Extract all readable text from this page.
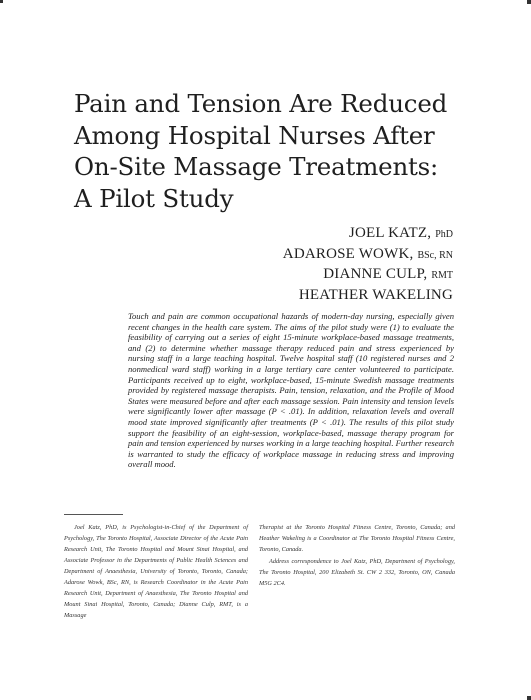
Pain and Tension Are Reduced
Among Hospital Nurses After
On-Site Massage Treatments:
A Pilot Study
JOEL KATZ, PhD
ADAROSE WOWK, BSc, RN
DIANNE CULP, RMT
HEATHER WAKELING

Touch and pain are common occupational hazards of modern-day nursing, especially given recent changes in the health care system. The aims of the pilot study were (1) to evaluate the feasibility of carrying out a series of eight 15-minute workplace-based massage treatments, and (2) to determine whether massage therapy reduced pain and stress experienced by nursing staff in a large teaching hospital. Twelve hospital staff (10 registered nurses and 2 nonmedical ward staff) working in a large tertiary care center volunteered to participate. Participants received up to eight, workplace-based, 15-minute Swedish massage treatments provided by registered massage therapists. Pain, tension, relaxation, and the Profile of Mood States were measured before and after each massage session. Pain intensity and tension levels were significantly lower after massage (P < .01). In addition, relaxation levels and overall mood state improved significantly after treatments (P < .01). The results of this pilot study support the feasibility of an eight-session, workplace-based, massage therapy program for pain and tension experienced by nurses working in a large teaching hospital. Further research is warranted to study the efficacy of workplace massage in reducing stress and improving overall mood.

Joel Katz, PhD, is Psychologist-in-Chief of the Department of Psychology, The Toronto Hospital, Associate Director of the Acute Pain Research Unit, The Toronto Hospital and Mount Sinai Hospital, and Associate Professor in the Departments of Public Health Sciences and Department of Anaesthesia, University of Toronto, Toronto, Canada; Adarose Wowk, BSc, RN, is Research Coordinator in the Acute Pain Research Unit, Department of Anaesthesia, The Toronto Hospital and Mount Sinai Hospital, Toronto, Canada; Dianne Culp, RMT, is a Massage

Therapist at the Toronto Hospital Fitness Centre, Toronto, Canada; and Heather Wakeling is a Coordinator at The Toronto Hospital Fitness Centre, Toronto, Canada.

Address correspondence to Joel Katz, PhD, Department of Psychology, The Toronto Hospital, 200 Elizabeth St. CW 2 332, Toronto, ON, Canada M5G 2C4.
